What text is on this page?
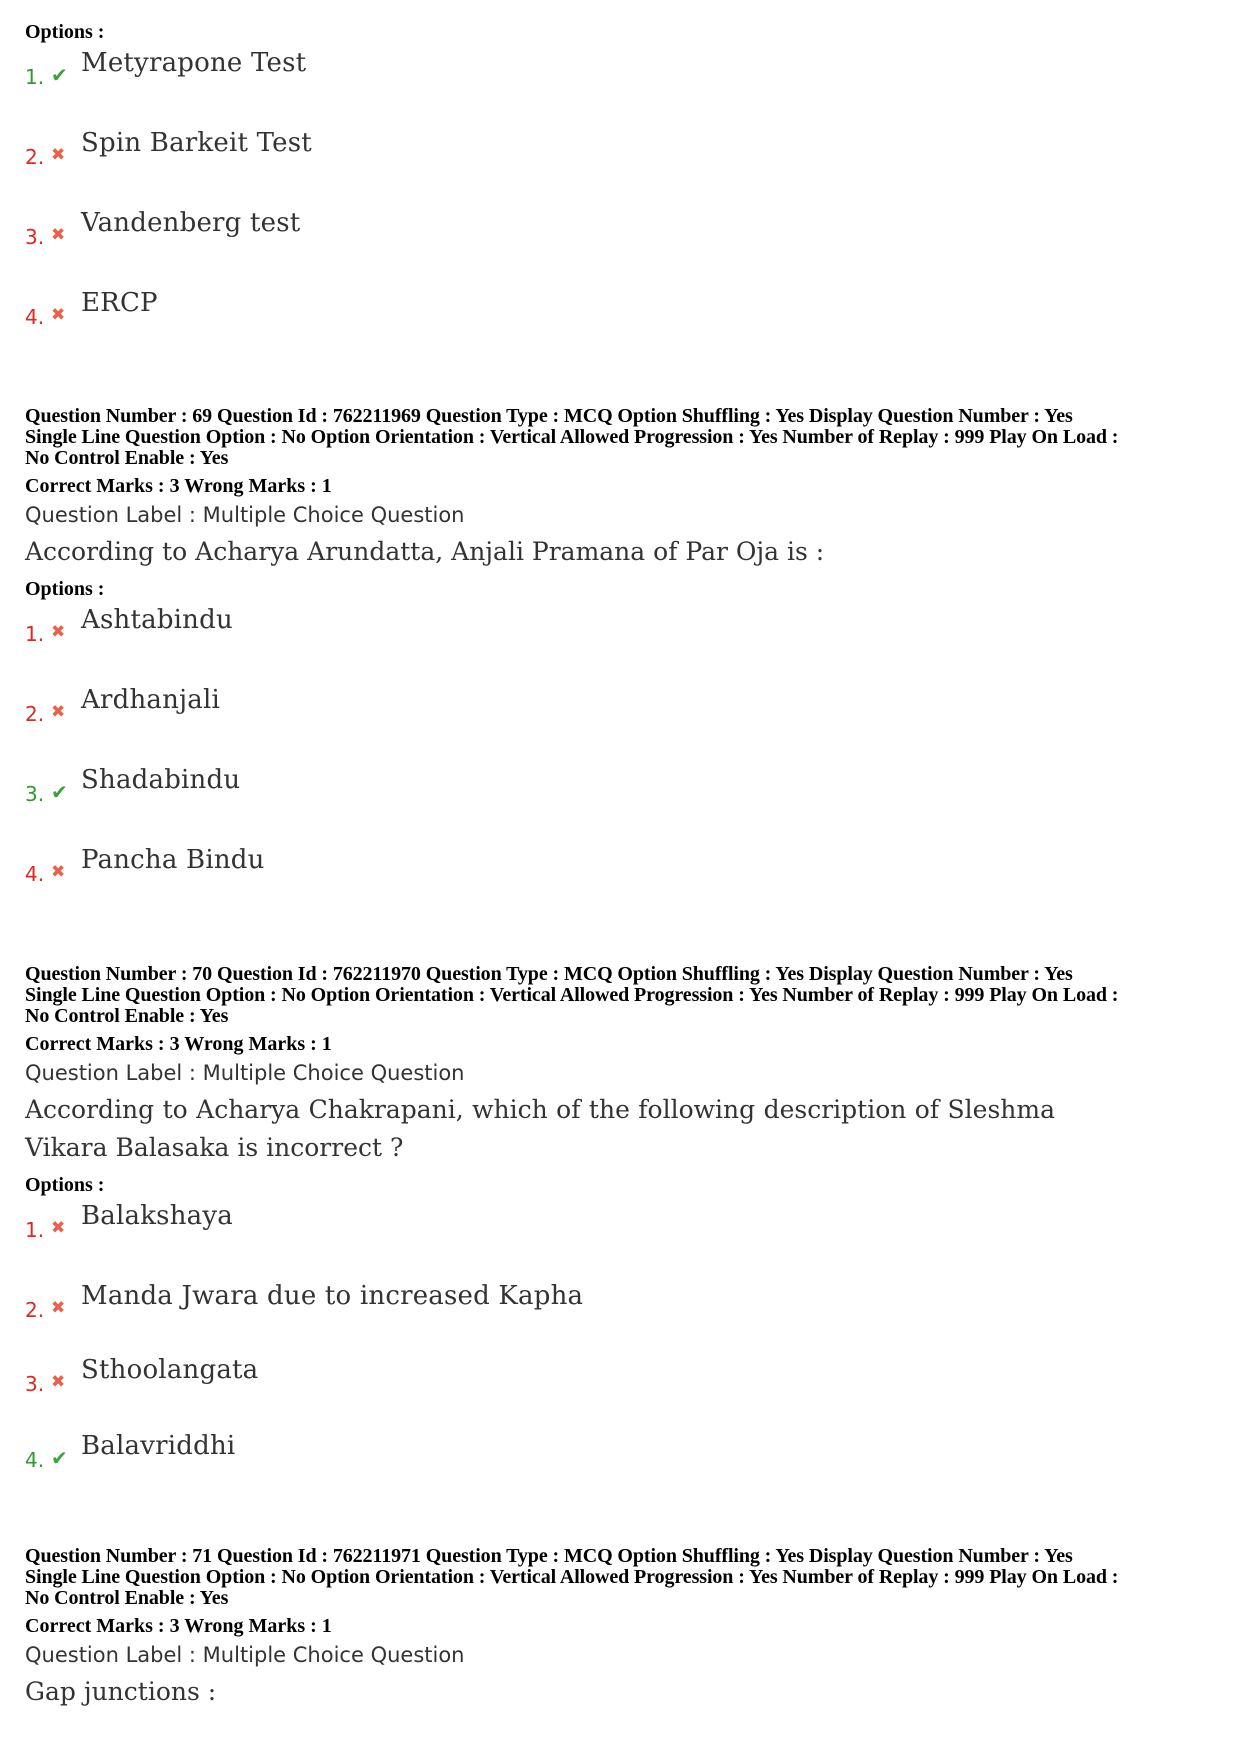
Options :
1. ✔ Metyrapone Test
2. ✖ Spin Barkeit Test
3. ✖ Vandenberg test
4. ✖ ERCP
Question Number : 69 Question Id : 762211969 Question Type : MCQ Option Shuffling : Yes Display Question Number : Yes
Single Line Question Option : No Option Orientation : Vertical Allowed Progression : Yes Number of Replay : 999 Play On Load :
No Control Enable : Yes
Correct Marks : 3 Wrong Marks : 1
Question Label : Multiple Choice Question
According to Acharya Arundatta, Anjali Pramana of Par Oja is :
Options :
1. ✖ Ashtabindu
2. ✖ Ardhanjali
3. ✔ Shadabindu
4. ✖ Pancha Bindu
Question Number : 70 Question Id : 762211970 Question Type : MCQ Option Shuffling : Yes Display Question Number : Yes
Single Line Question Option : No Option Orientation : Vertical Allowed Progression : Yes Number of Replay : 999 Play On Load :
No Control Enable : Yes
Correct Marks : 3 Wrong Marks : 1
Question Label : Multiple Choice Question
According to Acharya Chakrapani, which of the following description of Sleshma Vikara Balasaka is incorrect ?
Options :
1. ✖ Balakshaya
2. ✖ Manda Jwara due to increased Kapha
3. ✖ Sthoolangata
4. ✔ Balavriddhi
Question Number : 71 Question Id : 762211971 Question Type : MCQ Option Shuffling : Yes Display Question Number : Yes
Single Line Question Option : No Option Orientation : Vertical Allowed Progression : Yes Number of Replay : 999 Play On Load :
No Control Enable : Yes
Correct Marks : 3 Wrong Marks : 1
Question Label : Multiple Choice Question
Gap junctions :
